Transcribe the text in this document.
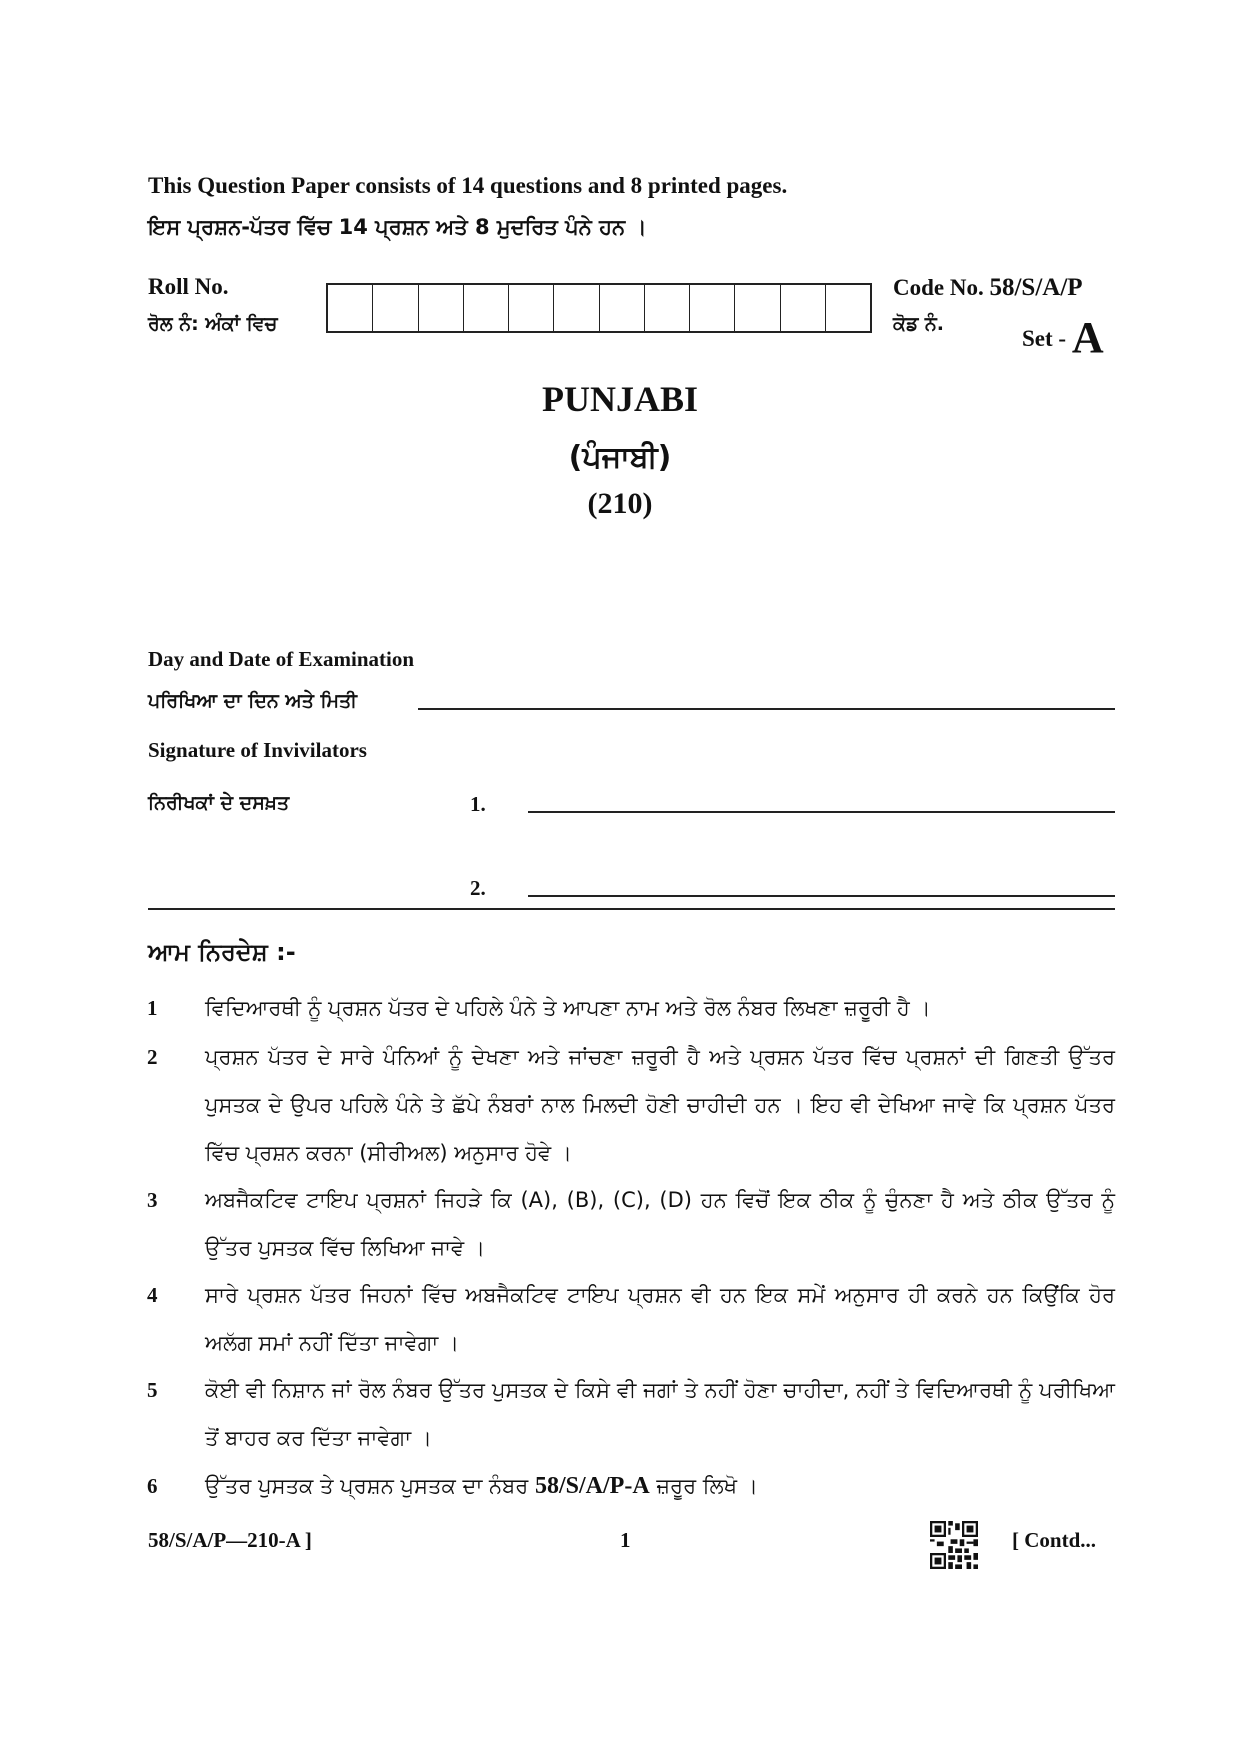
This Question Paper consists of 14 questions and 8 printed pages.
ਇਸ ਪ੍ਰਸ਼ਨ-ਪੱਤਰ ਵਿੱਚ 14 ਪ੍ਰਸ਼ਨ ਅਤੇ 8 ਮੁਦਰਿਤ ਪੰਨੇ ਹਨ ।
Roll No.
ਰੋਲ ਨੰ: ਅੰਕਾਂ ਵਿਚ
Code No. 58/S/A/P
ਕੋਡ ਨੰ.
Set - A
PUNJABI
(ਪੰਜਾਬੀ)
(210)
Day and Date of Examination
ਪਰਿਖਿਆ ਦਾ ਦਿਨ ਅਤੇ ਮਿਤੀ
Signature of Invivilators
ਨਿਰੀਖਕਾਂ ਦੇ ਦਸਖ਼ਤ	1.
2.
ਆਮ ਨਿਰਦੇਸ਼ :-
1 ਵਿਦਿਆਰਥੀ ਨੂੰ ਪ੍ਰਸ਼ਨ ਪੱਤਰ ਦੇ ਪਹਿਲੇ ਪੰਨੇ ਤੇ ਆਪਣਾ ਨਾਮ ਅਤੇ ਰੋਲ ਨੰਬਰ ਲਿਖਣਾ ਜ਼ਰੂਰੀ ਹੈ ।
2 ਪ੍ਰਸ਼ਨ ਪੱਤਰ ਦੇ ਸਾਰੇ ਪੰਨਿਆਂ ਨੂੰ ਦੇਖਣਾ ਅਤੇ ਜਾਂਚਣਾ ਜ਼ਰੂਰੀ ਹੈ ਅਤੇ ਪ੍ਰਸ਼ਨ ਪੱਤਰ ਵਿੱਚ ਪ੍ਰਸ਼ਨਾਂ ਦੀ ਗਿਣਤੀ ਉੱਤਰ ਪੁਸਤਕ ਦੇ ਉਪਰ ਪਹਿਲੇ ਪੰਨੇ ਤੇ ਛੱਪੇ ਨੰਬਰਾਂ ਨਾਲ ਮਿਲਦੀ ਹੋਣੀ ਚਾਹੀਦੀ ਹਨ । ਇਹ ਵੀ ਦੇਖਿਆ ਜਾਵੇ ਕਿ ਪ੍ਰਸ਼ਨ ਪੱਤਰ ਵਿੱਚ ਪ੍ਰਸ਼ਨ ਕਰਨਾ (ਸੀਰੀਅਲ) ਅਨੁਸਾਰ ਹੋਵੇ ।
3 ਅਬਜੈਕਟਿਵ ਟਾਇਪ ਪ੍ਰਸ਼ਨਾਂ ਜਿਹੜੇ ਕਿ (A), (B), (C), (D) ਹਨ ਵਿਚੋਂ ਇਕ ਠੀਕ ਨੂੰ ਚੁੰਨਣਾ ਹੈ ਅਤੇ ਠੀਕ ਉੱਤਰ ਨੂੰ ਉੱਤਰ ਪੁਸਤਕ ਵਿੱਚ ਲਿਖਿਆ ਜਾਵੇ ।
4 ਸਾਰੇ ਪ੍ਰਸ਼ਨ ਪੱਤਰ ਜਿਹਨਾਂ ਵਿੱਚ ਅਬਜੈਕਟਿਵ ਟਾਇਪ ਪ੍ਰਸ਼ਨ ਵੀ ਹਨ ਇਕ ਸਮੇਂ ਅਨੁਸਾਰ ਹੀ ਕਰਨੇ ਹਨ ਕਿਉਂਕਿ ਹੋਰ ਅਲੱਗ ਸਮਾਂ ਨਹੀਂ ਦਿੱਤਾ ਜਾਵੇਗਾ ।
5 ਕੋਈ ਵੀ ਨਿਸ਼ਾਨ ਜਾਂ ਰੋਲ ਨੰਬਰ ਉੱਤਰ ਪੁਸਤਕ ਦੇ ਕਿਸੇ ਵੀ ਜਗਾਂ ਤੇ ਨਹੀਂ ਹੋਣਾ ਚਾਹੀਦਾ, ਨਹੀਂ ਤੇ ਵਿਦਿਆਰਥੀ ਨੂੰ ਪਰੀਖਿਆ ਤੋਂ ਬਾਹਰ ਕਰ ਦਿੱਤਾ ਜਾਵੇਗਾ ।
6 ਉੱਤਰ ਪੁਸਤਕ ਤੇ ਪ੍ਰਸ਼ਨ ਪੁਸਤਕ ਦਾ ਨੰਬਰ 58/S/A/P-A ਜ਼ਰੂਰ ਲਿਖੋ ।
58/S/A/P—210-A ]	1	[ Contd...
